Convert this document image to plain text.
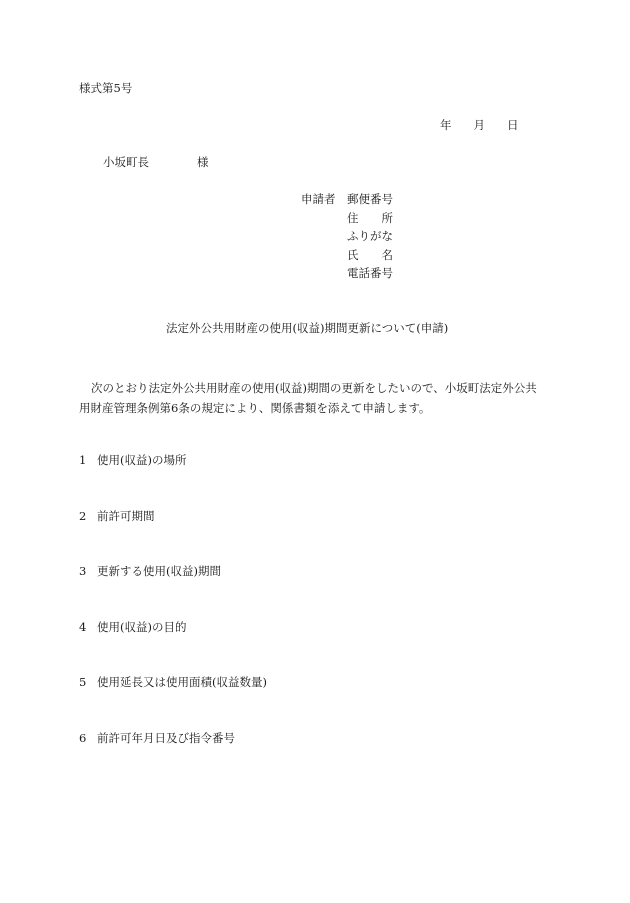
様式第5号
年 月 日
小坂町長	様
申請者 郵便番号
住所
ふりがな
氏名
電話番号
法定外公共用財産の使用(収益)期間更新について(申請)
次のとおり法定外公共用財産の使用(収益)期間の更新をしたいので、小坂町法定外公共
用財産管理条例第6条の規定により、関係書類を添えて申請します。
1 使用(収益)の場所
2 前許可期間
3 更新する使用(収益)期間
4 使用(収益)の目的
5 使用延長又は使用面積(収益数量)
6 前許可年月日及び指令番号
